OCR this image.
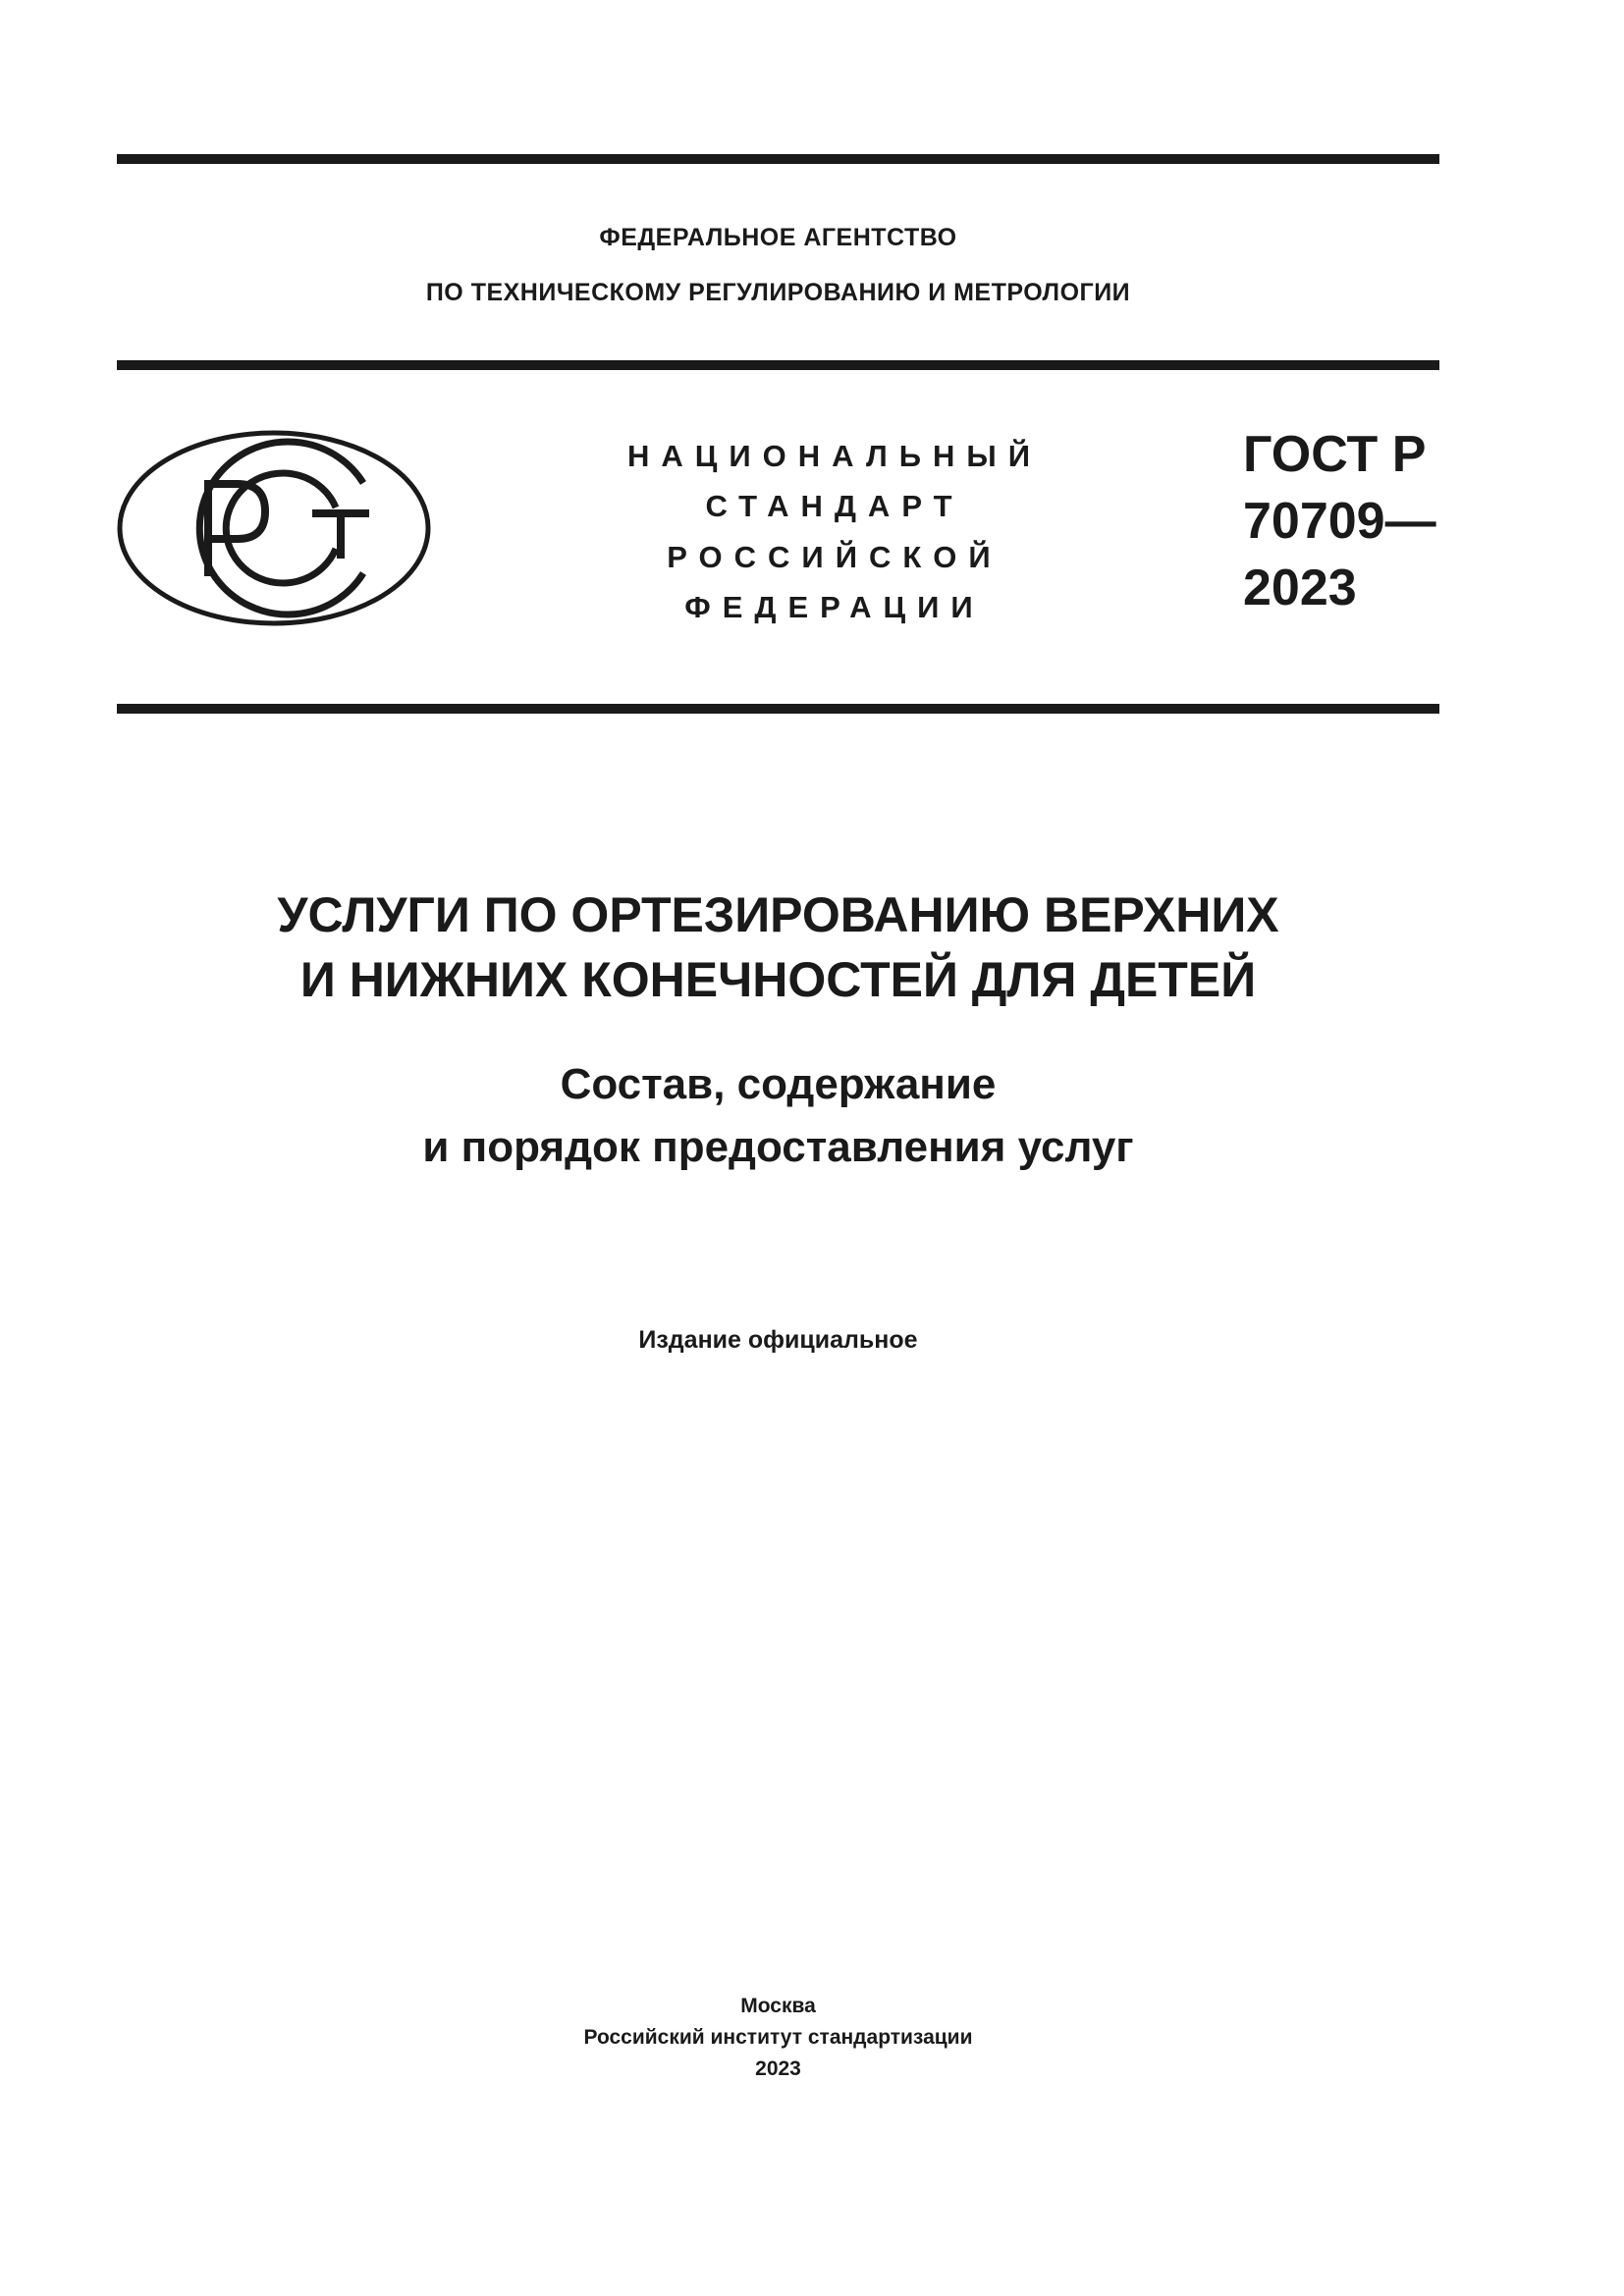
ФЕДЕРАЛЬНОЕ АГЕНТСТВО
ПО ТЕХНИЧЕСКОМУ РЕГУЛИРОВАНИЮ И МЕТРОЛОГИИ
НАЦИОНАЛЬНЫЙ
СТАНДАРТ
РОССИЙСКОЙ
ФЕДЕРАЦИИ
ГОСТ Р
70709—
2023
УСЛУГИ ПО ОРТЕЗИРОВАНИЮ ВЕРХНИХ
И НИЖНИХ КОНЕЧНОСТЕЙ ДЛЯ ДЕТЕЙ
Состав, содержание
и порядок предоставления услуг
Издание официальное
Москва
Российский институт стандартизации
2023
